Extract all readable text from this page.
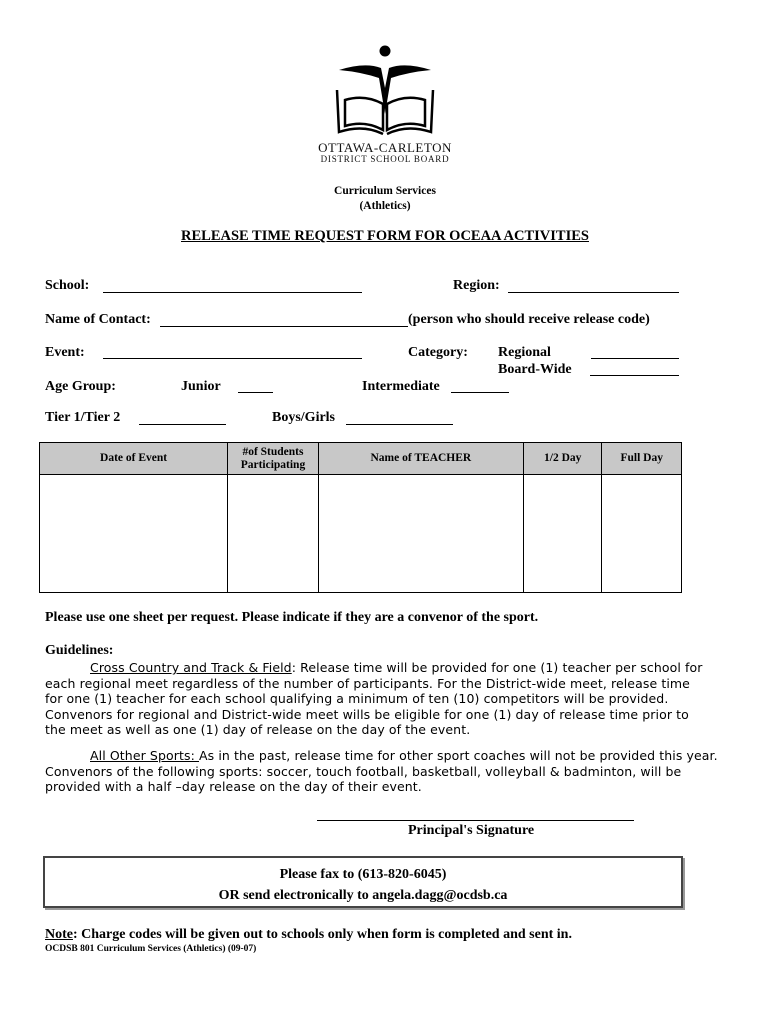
OTTAWA-CARLETON
DISTRICT SCHOOL BOARD
Curriculum Services
(Athletics)
RELEASE TIME REQUEST FORM FOR OCEAA ACTIVITIES
School:	Region:
Name of Contact:	(person who should receive release code)
Event:	Category: Regional
Board-Wide
Age Group:	Junior	Intermediate
Tier 1/Tier 2	Boys/Girls
Date of Event	#of Students Participating	Name of TEACHER	1/2 Day	Full Day

Please use one sheet per request. Please indicate if they are a convenor of the sport.
Guidelines:
Cross Country and Track & Field: Release time will be provided for one (1) teacher per school for
each regional meet regardless of the number of participants. For the District-wide meet, release time
for one (1) teacher for each school qualifying a minimum of ten (10) competitors will be provided.
Convenors for regional and District-wide meet wills be eligible for one (1) day of release time prior to
the meet as well as one (1) day of release on the day of the event.
All Other Sports: As in the past, release time for other sport coaches will not be provided this year.
Convenors of the following sports: soccer, touch football, basketball, volleyball & badminton, will be
provided with a half –day release on the day of their event.
Principal's Signature
Please fax to (613-820-6045)
OR send electronically to angela.dagg@ocdsb.ca
Note: Charge codes will be given out to schools only when form is completed and sent in.
OCDSB 801 Curriculum Services (Athletics) (09-07)
